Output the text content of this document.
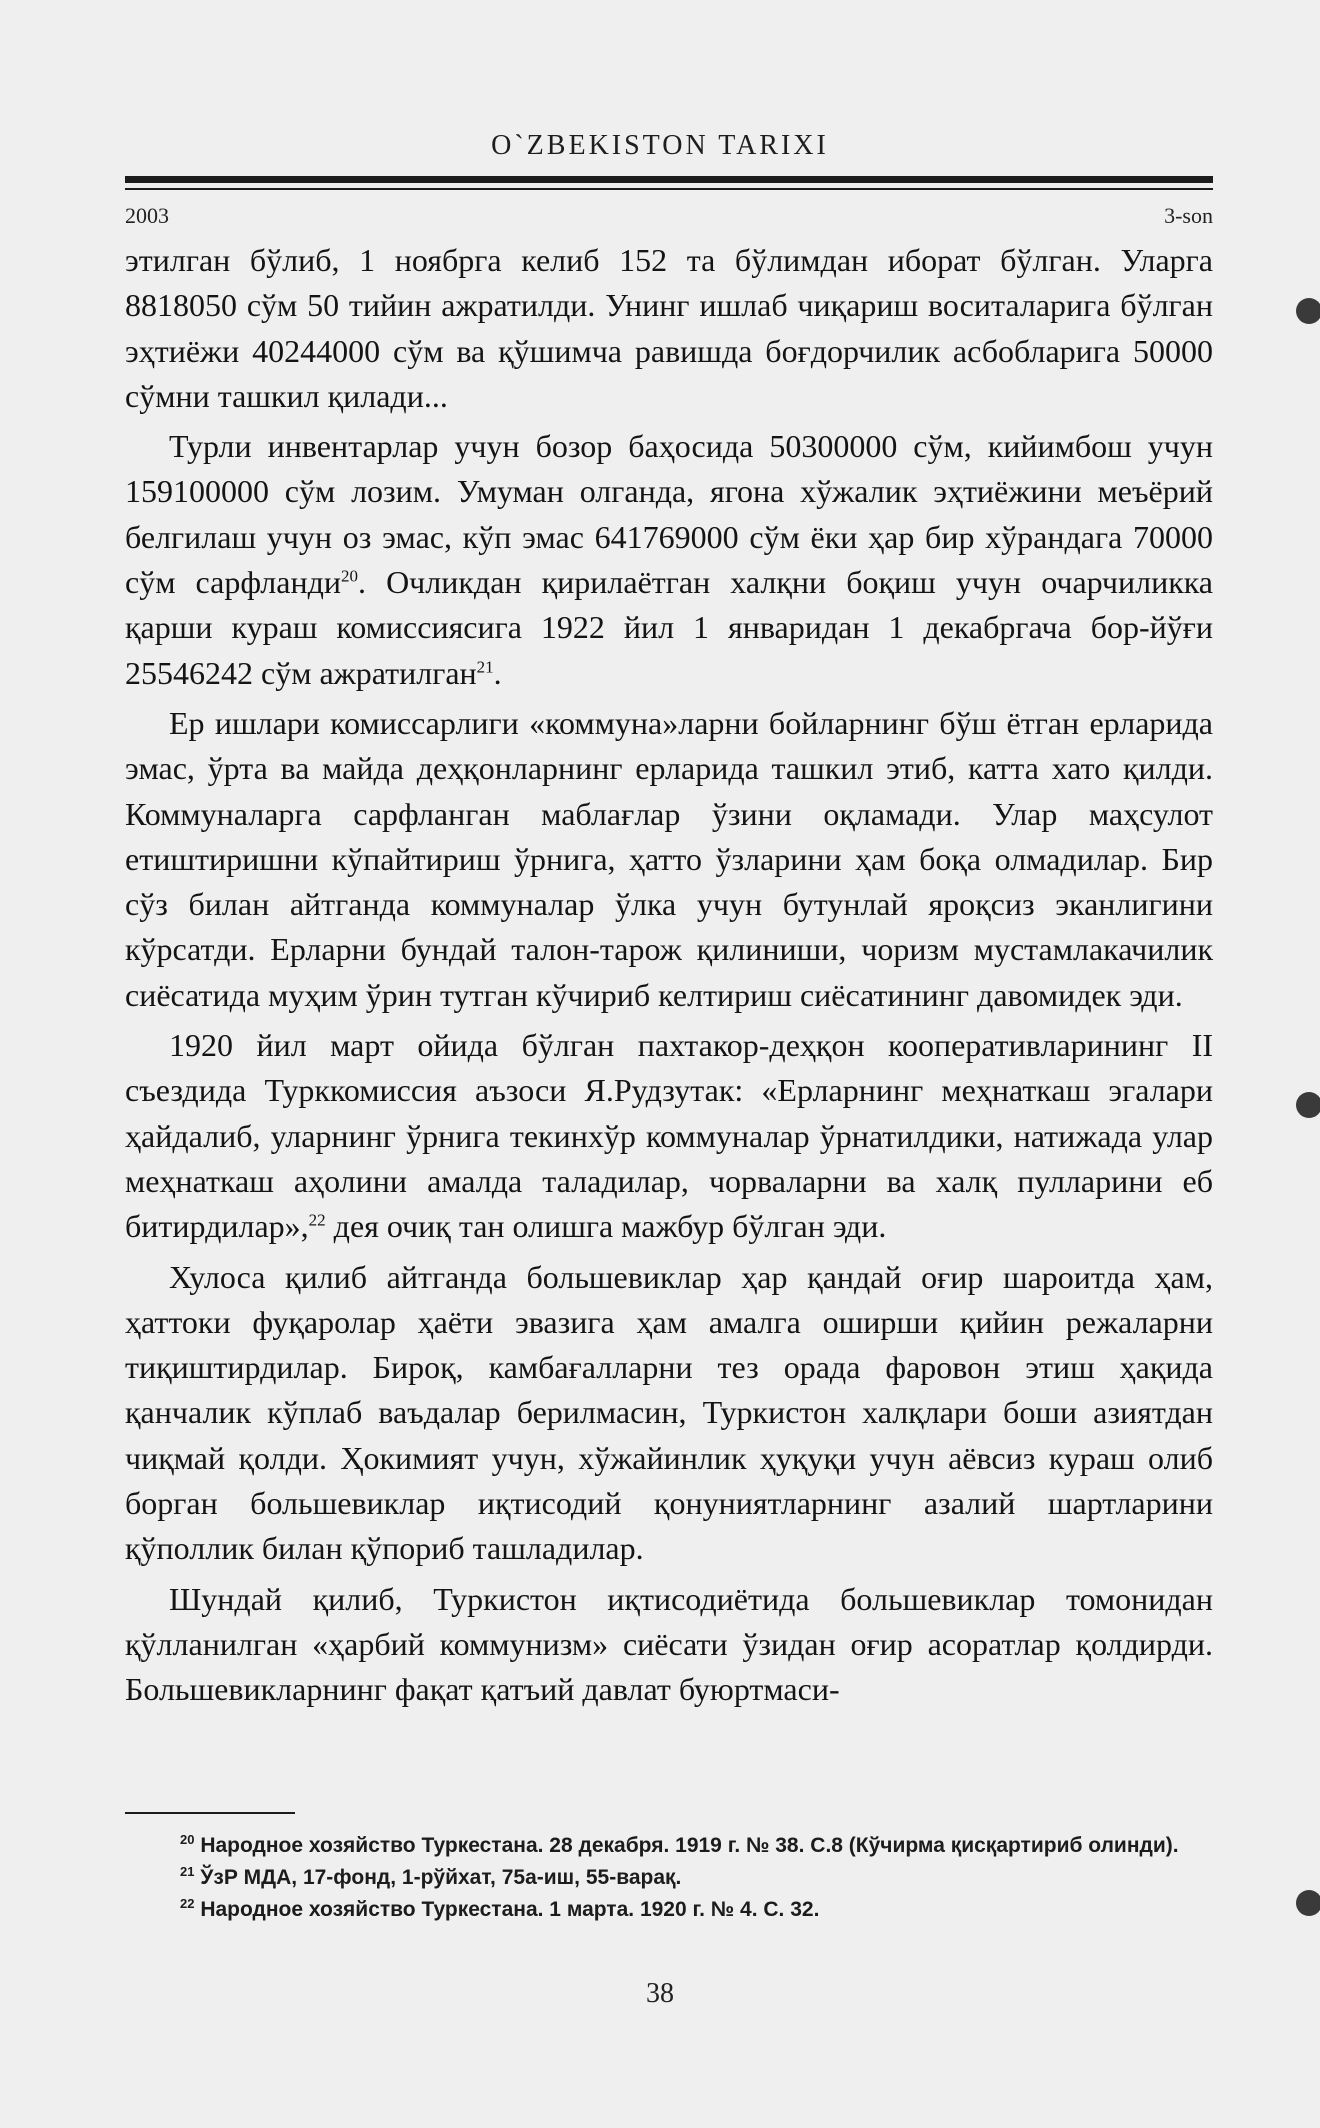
O`ZBEKISTON TARIXI
2003	3-son

этилган бўлиб, 1 ноябрга келиб 152 та бўлимдан иборат бўлган. Уларга 8818050 сўм 50 тийин ажратилди. Унинг ишлаб чиқариш воситаларига бўлган эҳтиёжи 40244000 сўм ва қўшимча равишда боғдорчилик асбобларига 50000 сўмни ташкил қилади...

Турли инвентарлар учун бозор баҳосида 50300000 сўм, кийимбош учун 159100000 сўм лозим. Умуман олганда, ягона хўжалик эҳтиёжини меъёрий белгилаш учун оз эмас, кўп эмас 641769000 сўм ёки ҳар бир хўрандага 70000 сўм сарфланди$^{20}$. Очликдан қирилаётган халқни боқиш учун очарчиликка қарши кураш комиссиясига 1922 йил 1 январидан 1 декабргача бор-йўғи 25546242 сўм ажратилган$^{21}$.

Ер ишлари комиссарлиги «коммуна»ларни бойларнинг бўш ётган ерларида эмас, ўрта ва майда деҳқонларнинг ерларида ташкил этиб, катта хато қилди. Коммуналарга сарфланган маблағлар ўзини оқламади. Улар маҳсулот етиштиришни кўпайтириш ўрнига, ҳатто ўзларини ҳам боқа олмадилар. Бир сўз билан айтганда коммуналар ўлка учун бутунлай яроқсиз эканлигини кўрсатди. Ерларни бундай талон-тарож қилиниши, чоризм мустамлакачилик сиёсатида муҳим ўрин тутган кўчириб келтириш сиёсатининг давомидек эди.

1920 йил март ойида бўлган пахтакор-деҳқон кооперативларининг II съездида Турккомиссия аъзоси Я.Рудзутак: «Ерларнинг меҳнаткаш эгалари ҳайдалиб, уларнинг ўрнига текинхўр коммуналар ўрнатилдики, натижада улар меҳнаткаш аҳолини амалда таладилар, чорваларни ва халқ пулларини еб битирдилар»,$^{22}$ дея очиқ тан олишга мажбур бўлган эди.

Хулоса қилиб айтганда большевиклар ҳар қандай оғир шароитда ҳам, ҳаттоки фуқаролар ҳаёти эвазига ҳам амалга оширши қийин режаларни тиқиштирдилар. Бироқ, камбағалларни тез орада фаровон этиш ҳақида қанчалик кўплаб ваъдалар берилмасин, Туркистон халқлари боши азиятдан чиқмай қолди. Ҳокимият учун, хўжайинлик ҳуқуқи учун аёвсиз кураш олиб борган большевиклар иқтисодий қонуниятларнинг азалий шартларини қўполлик билан қўпориб ташладилар.

Шундай қилиб, Туркистон иқтисодиётида большевиклар томонидан қўлланилган «ҳарбий коммунизм» сиёсати ўзидан оғир асоратлар қолдирди. Большевикларнинг фақат қатъий давлат буюртмаси-

$^{20}$ Народное хозяйство Туркестана. 28 декабря. 1919 г. № 38. С.8 (Кўчирма қисқартириб олинди).

$^{21}$ ЎзР МДА, 17-фонд, 1-рўйхат, 75а-иш, 55-варақ.

$^{22}$ Народное хозяйство Туркестана. 1 марта. 1920 г. № 4. С. 32.

38
